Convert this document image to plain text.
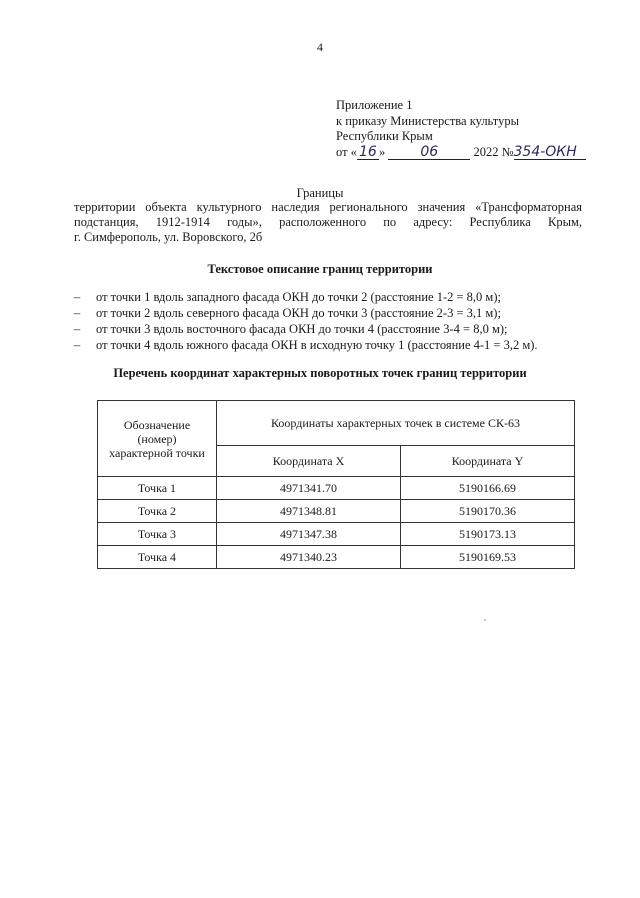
4
Приложение 1
к приказу Министерства культуры
Республики Крым
от « 16 »	06	2022 №354-ОКН
Границы
территории объекта культурного наследия регионального значения «Трансформаторная
подстанция, 1912-1914 годы», расположенного по адресу: Республика Крым,
г. Симферополь, ул. Воровского, 2б
Текстовое описание границ территории
–	от точки 1 вдоль западного фасада ОКН до точки 2 (расстояние 1-2 = 8,0 м);
–	от точки 2 вдоль северного фасада ОКН до точки 3 (расстояние 2-3 = 3,1 м);
–	от точки 3 вдоль восточного фасада ОКН до точки 4 (расстояние 3-4 = 8,0 м);
–	от точки 4 вдоль южного фасада ОКН в исходную точку 1 (расстояние 4-1 = 3,2 м).
Перечень координат характерных поворотных точек границ территории
Обозначение
(номер)
характерной точки	Координаты характерных точек в системе СК-63	
	Координата X	Координата Y
Точка 1	4971341.70	5190166.69
Точка 2	4971348.81	5190170.36
Точка 3	4971347.38	5190173.13
Точка 4	4971340.23	5190169.53
